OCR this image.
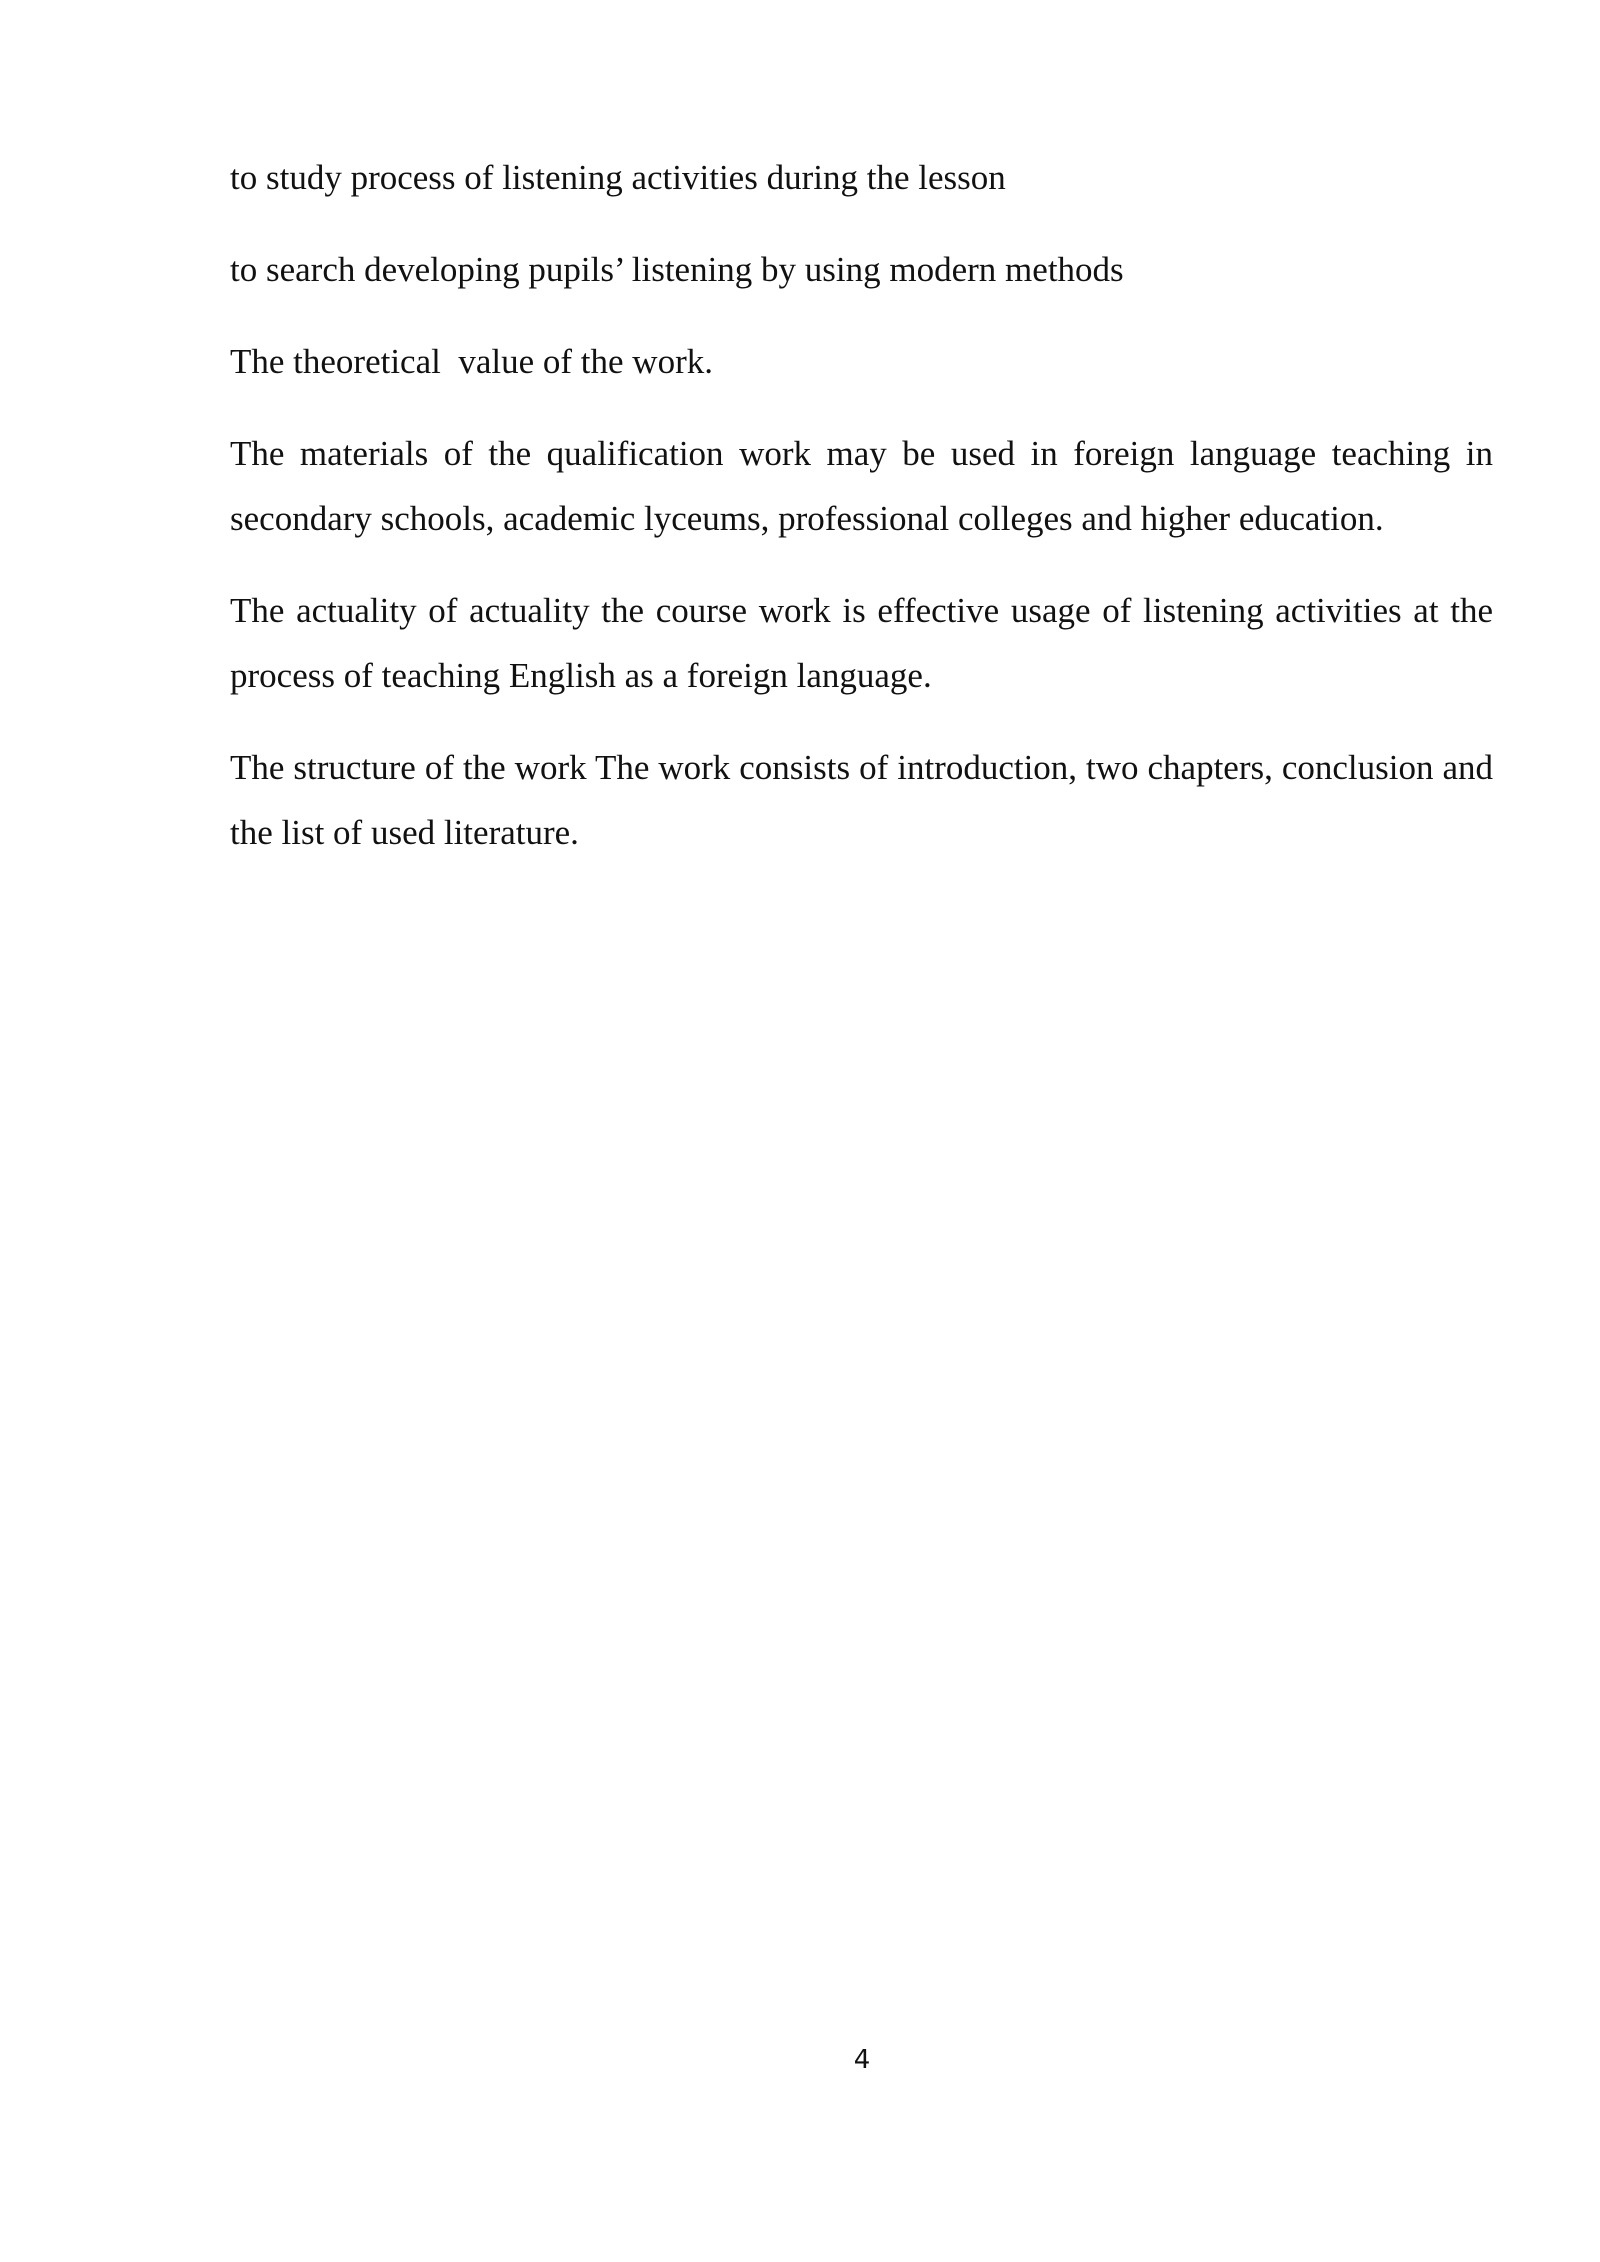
to study process of listening activities during the lesson

to search developing pupils’ listening by using modern methods

The theoretical  value of the work.

The materials of the qualification work may be used in foreign language teaching in secondary schools, academic lyceums, professional colleges and higher education.

The actuality of actuality the course work is effective usage of listening activities at the process of teaching English as a foreign language.

The structure of the work The work consists of introduction, two chapters, conclusion and the list of used literature.

4
